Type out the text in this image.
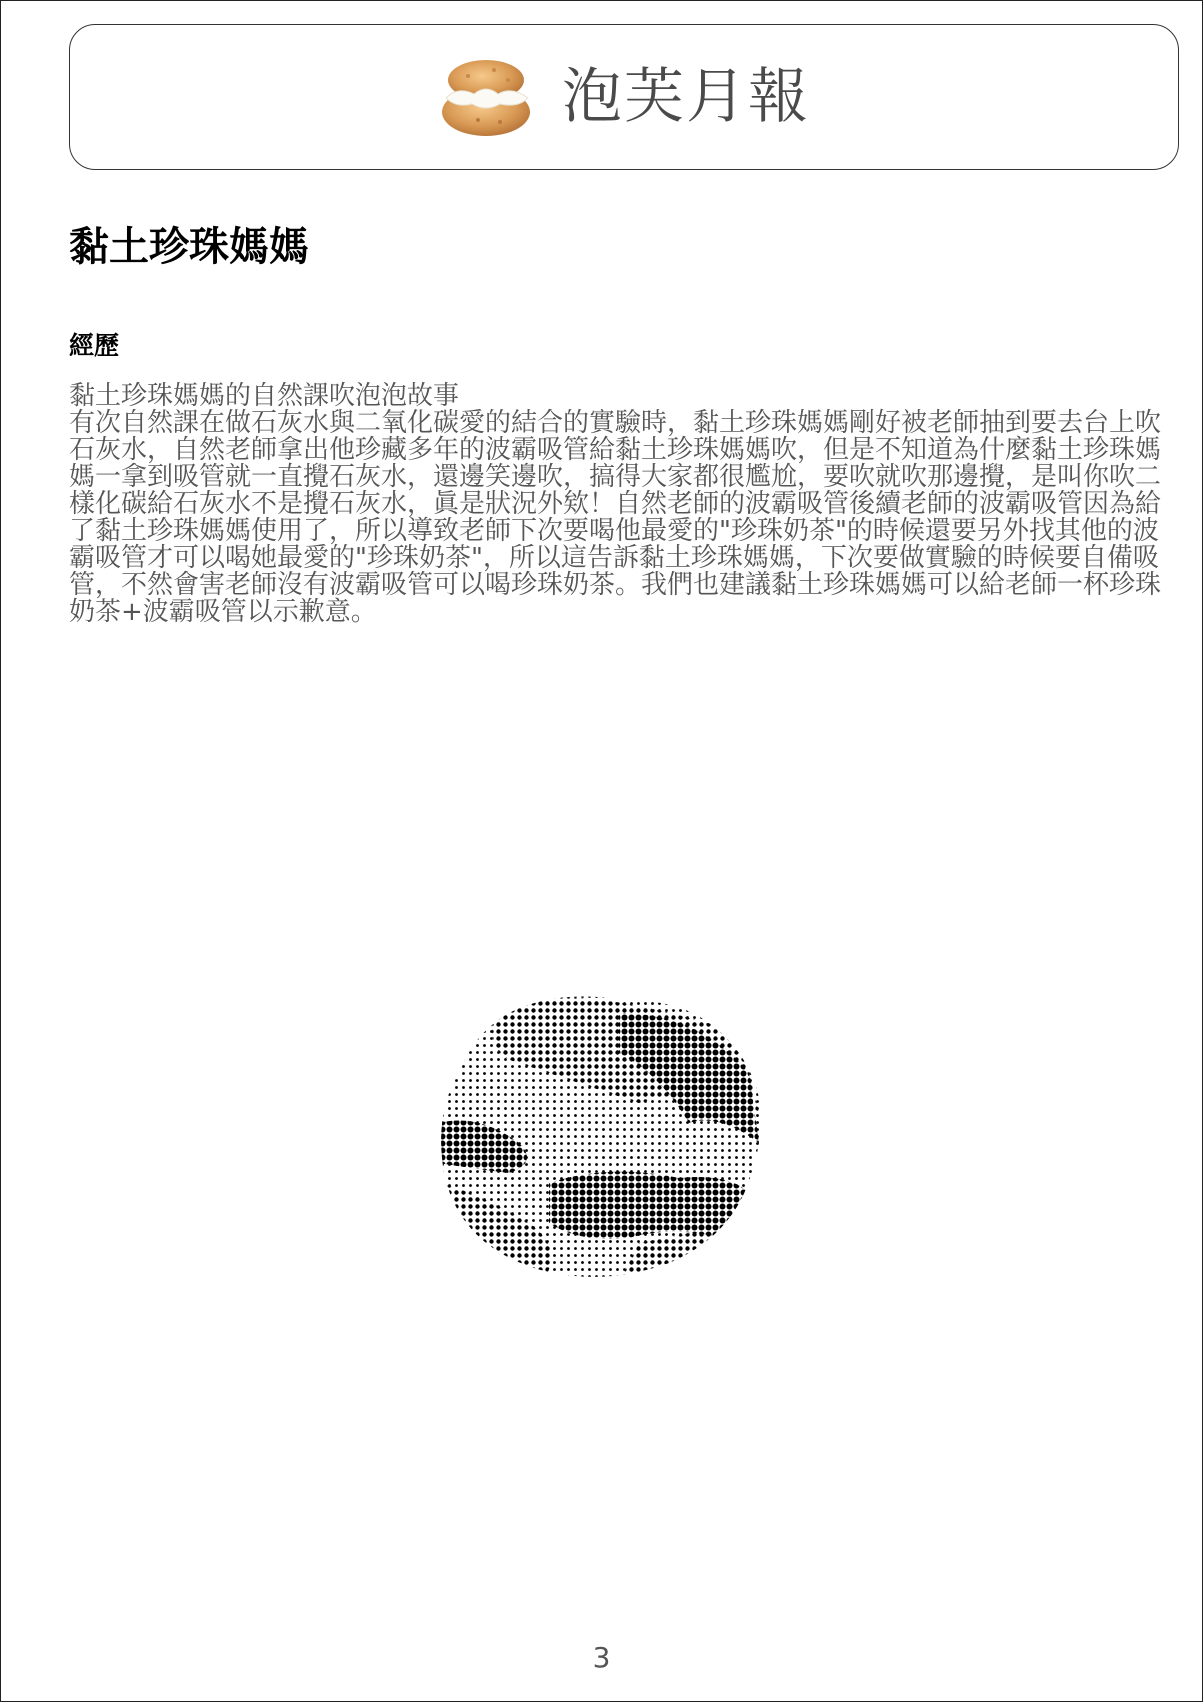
泡芙月報
黏土珍珠媽媽
經歷
黏土珍珠媽媽的自然課吹泡泡故事
有次自然課在做石灰水與二氧化碳愛的結合的實驗時，黏土珍珠媽媽剛好被老師抽到要去台上吹石灰水，自然老師拿出他珍藏多年的波霸吸管給黏土珍珠媽媽吹，但是不知道為什麼黏土珍珠媽媽一拿到吸管就一直攪石灰水，還邊笑邊吹，搞得大家都很尷尬，要吹就吹那邊攪，是叫你吹二樣化碳給石灰水不是攪石灰水，眞是狀況外欸！自然老師的波霸吸管後續老師的波霸吸管因為給了黏土珍珠媽媽使用了，所以導致老師下次要喝他最愛的"珍珠奶茶"的時候還要另外找其他的波霸吸管才可以喝她最愛的"珍珠奶茶"，所以這告訴黏土珍珠媽媽，下次要做實驗的時候要自備吸管，不然會害老師沒有波霸吸管可以喝珍珠奶茶。我們也建議黏土珍珠媽媽可以給老師一杯珍珠奶茶+波霸吸管以示歉意。
3
